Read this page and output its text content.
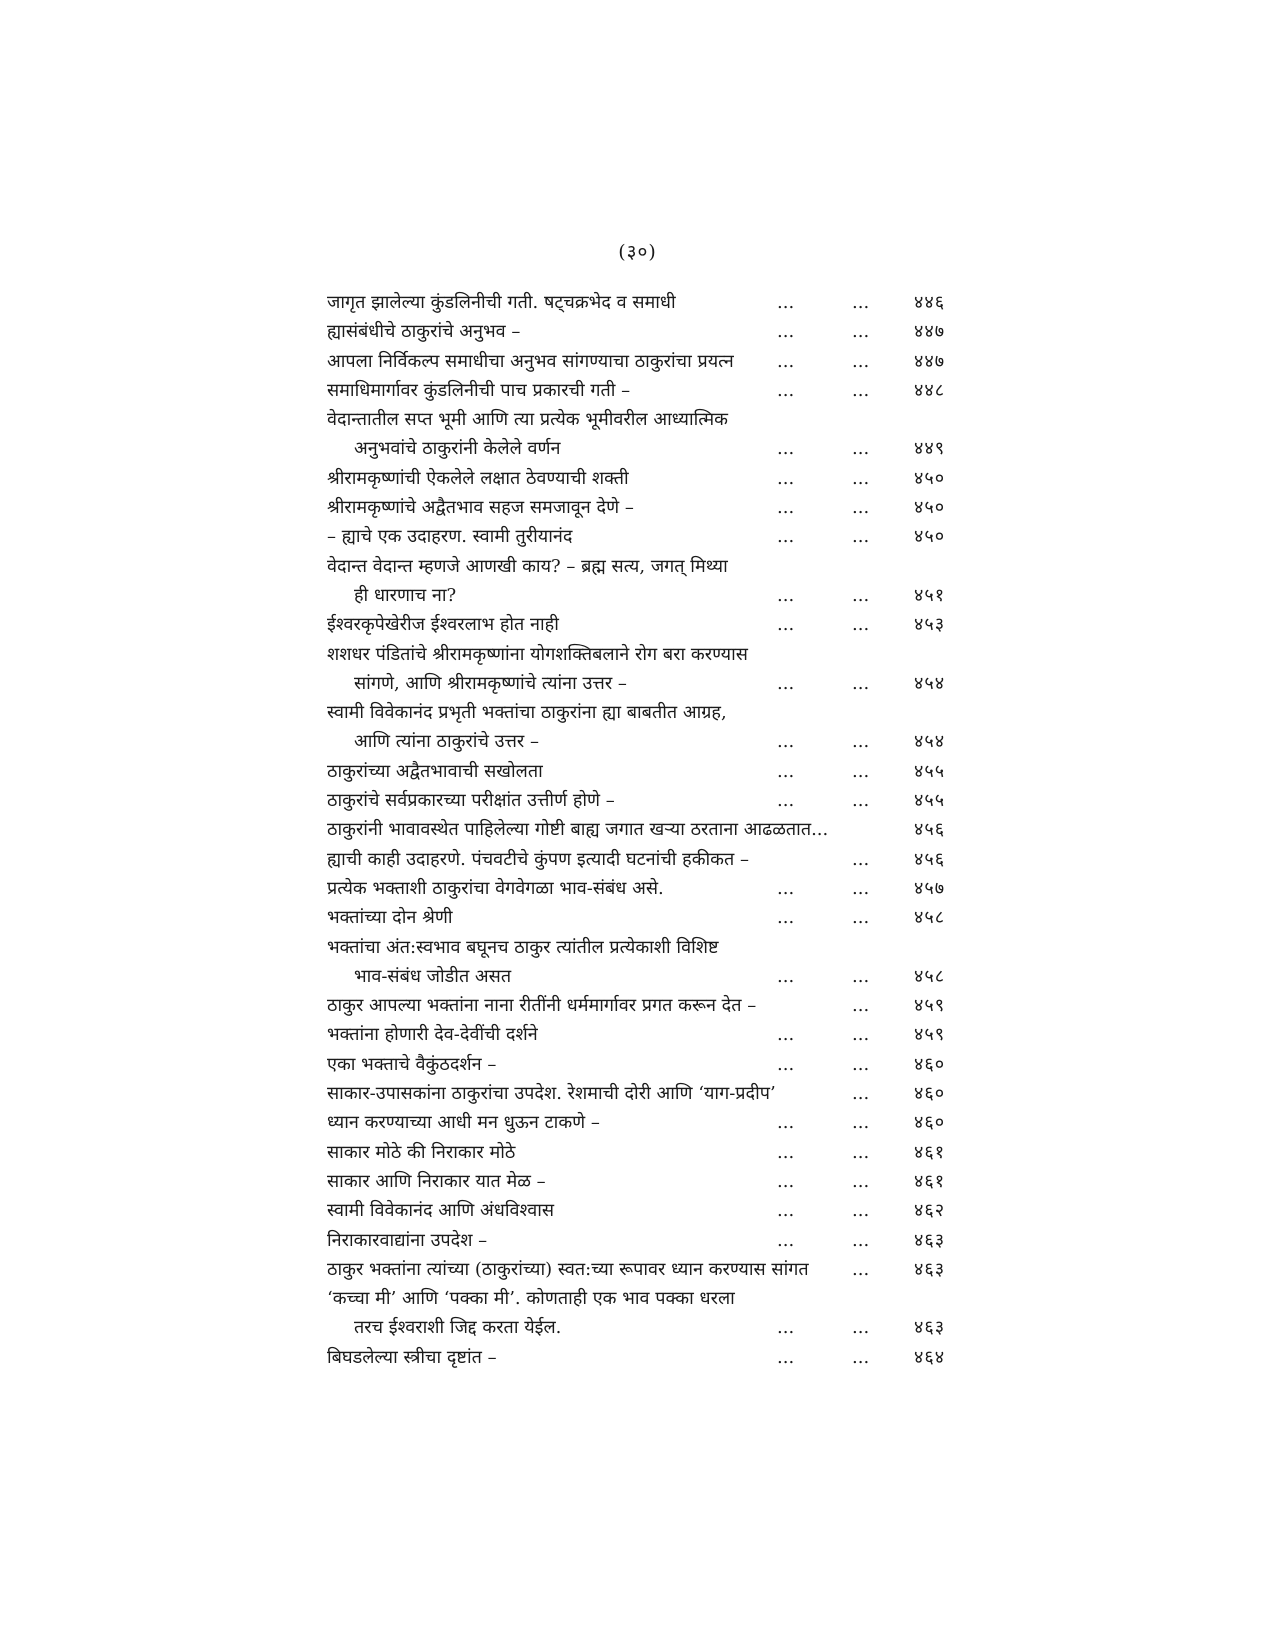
(३०)
जागृत झालेल्या कुंडलिनीची गती. षट्‌चक्रभेद व समाधी	...	... ४४६
ह्यासंबंधीचे ठाकुरांचे अनुभव –	...	... ४४७
आपला निर्विकल्प समाधीचा अनुभव सांगण्याचा ठाकुरांचा प्रयत्न ...	... ४४७
समाधिमार्गावर कुंडलिनीची पाच प्रकारची गती –	...	... ४४८
वेदान्तातील सप्त भूमी आणि त्या प्रत्येक भूमीवरील आध्यात्मिक
अनुभवांचे ठाकुरांनी केलेले वर्णन	...	... ४४९
श्रीरामकृष्णांची ऐकलेले लक्षात ठेवण्याची शक्ती	...	... ४५०
श्रीरामकृष्णांचे अद्वैतभाव सहज समजावून देणे –	...	... ४५०
– ह्याचे एक उदाहरण. स्वामी तुरीयानंद	...	... ४५०
वेदान्त वेदान्त म्हणजे आणखी काय? – ब्रह्म सत्य, जगत्‌ मिथ्या
ही धारणाच ना?	...	... ४५१
ईश्वरकृपेखेरीज ईश्वरलाभ होत नाही	...	... ४५३
शशधर पंडितांचे श्रीरामकृष्णांना योगशक्तिबलाने रोग बरा करण्यास
सांगणे, आणि श्रीरामकृष्णांचे त्यांना उत्तर –	...	... ४५४
स्वामी विवेकानंद प्रभृती भक्तांचा ठाकुरांना ह्या बाबतीत आग्रह,
आणि त्यांना ठाकुरांचे उत्तर –	...	... ४५४
ठाकुरांच्या अद्वैतभावाची सखोलता	...	... ४५५
ठाकुरांचे सर्वप्रकारच्या परीक्षांत उत्तीर्ण होणे –	...	... ४५५
ठाकुरांनी भावावस्थेत पाहिलेल्या गोष्टी बाह्य जगात खऱ्या ठरताना आढळतात...	४५६
ह्याची काही उदाहरणे. पंचवटीचे कुंपण इत्यादी घटनांची हकीकत –	... ४५६
प्रत्येक भक्ताशी ठाकुरांचा वेगवेगळा भाव-संबंध असे.	...	... ४५७
भक्तांच्या दोन श्रेणी	...	... ४५८
भक्तांचा अंत:स्वभाव बघूनच ठाकुर त्यांतील प्रत्येकाशी विशिष्ट
भाव-संबंध जोडीत असत	...	... ४५८
ठाकुर आपल्या भक्तांना नाना रीतींनी धर्ममार्गावर प्रगत करून देत –	... ४५९
भक्तांना होणारी देव-देवींची दर्शने	...	... ४५९
एका भक्ताचे वैकुंठदर्शन –	...	... ४६०
साकार-उपासकांना ठाकुरांचा उपदेश. रेशमाची दोरी आणि ‘याग-प्रदीप’	... ४६०
ध्यान करण्याच्या आधी मन धुऊन टाकणे –	...	... ४६०
साकार मोठे की निराकार मोठे	...	... ४६१
साकार आणि निराकार यात मेळ –	...	... ४६१
स्वामी विवेकानंद आणि अंधविश्वास	...	... ४६२
निराकारवाद्यांना उपदेश –	...	... ४६३
ठाकुर भक्तांना त्यांच्या (ठाकुरांच्या) स्वत:च्या रूपावर ध्यान करण्यास सांगत ... ४६३
‘कच्चा मी’ आणि ‘पक्का मी’. कोणताही एक भाव पक्का धरला
तरच ईश्वराशी जिद्द करता येईल.	...	... ४६३
बिघडलेल्या स्त्रीचा दृष्टांत –	...	... ४६४
